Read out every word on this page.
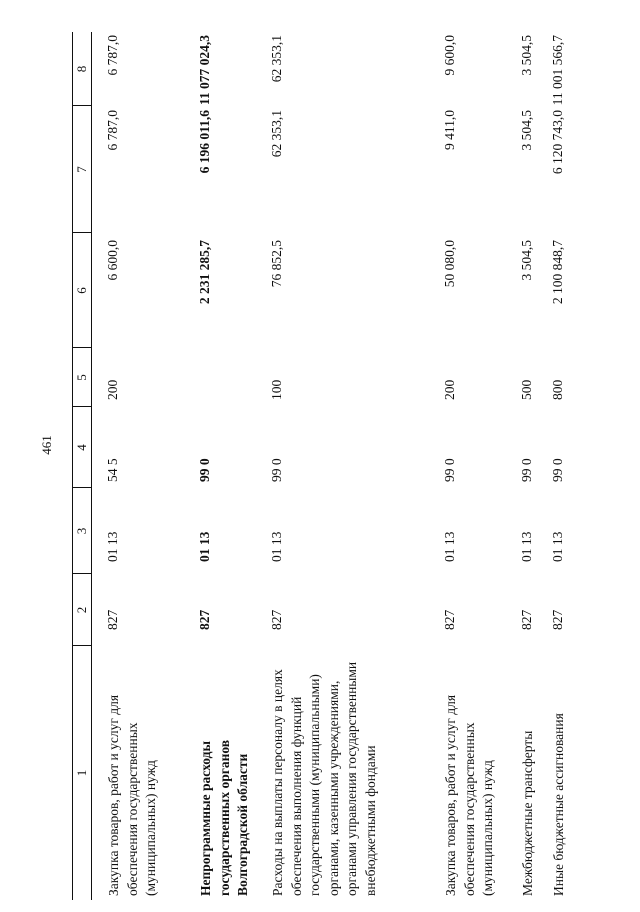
461
1
2
3
4
5
6
7
8
Закупка товаров, работ и услуг для обеспечения государственных (муниципальных) нужд
827
01 13
54 5
200
6 600,0
6 787,0
6 787,0
Непрограммные расходы государственных органов Волгоградской области
827
01 13
99 0
2 231 285,7
6 196 011,6
11 077 024,3
Расходы на выплаты персоналу в целях обеспечения выполнения функций государственными (муниципальными) органами, казенными учреждениями, органами управления государственными внебюджетными фондами
827
01 13
99 0
100
76 852,5
62 353,1
62 353,1
Закупка товаров, работ и услуг для обеспечения государственных (муниципальных) нужд
827
01 13
99 0
200
50 080,0
9 411,0
9 600,0
Межбюджетные трансферты
827
01 13
99 0
500
3 504,5
3 504,5
3 504,5
Иные бюджетные ассигнования
827
01 13
99 0
800
2 100 848,7
6 120 743,0
11 001 566,7
